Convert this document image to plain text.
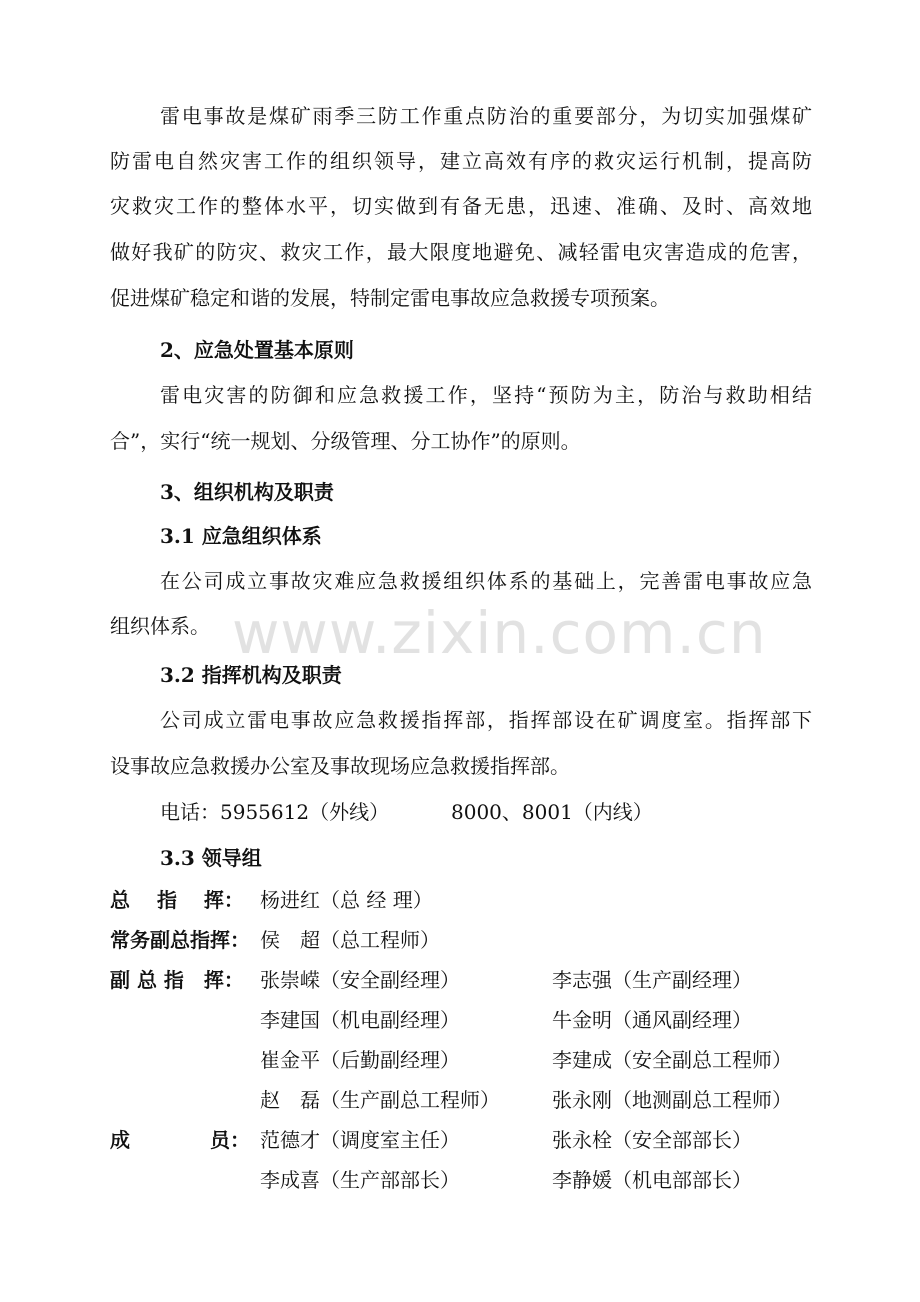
www.zixin.com.cn
雷电事故是煤矿雨季三防工作重点防治的重要部分，为切实加强煤矿
防雷电自然灾害工作的组织领导，建立高效有序的救灾运行机制，提高防
灾救灾工作的整体水平，切实做到有备无患，迅速、准确、及时、高效地
做好我矿的防灾、救灾工作，最大限度地避免、减轻雷电灾害造成的危害，
促进煤矿稳定和谐的发展，特制定雷电事故应急救援专项预案。
2、应急处置基本原则
雷电灾害的防御和应急救援工作，坚持“预防为主，防治与救助相结
合”，实行“统一规划、分级管理、分工协作”的原则。
3、组织机构及职责
3.1 应急组织体系
在公司成立事故灾难应急救援组织体系的基础上，完善雷电事故应急
组织体系。
3.2 指挥机构及职责
公司成立雷电事故应急救援指挥部，指挥部设在矿调度室。指挥部下
设事故应急救援办公室及事故现场应急救援指挥部。
电话：5955612（外线）	8000、8001（内线）
3.3 领导组
总　 指　 挥： 杨进红（总 经 理）
常务副总指挥： 侯　超（总工程师）
副 总 指　挥： 张崇嵘（安全副经理）	李志强（生产副经理）
李建国（机电副经理）	牛金明（通风副经理）
崔金平（后勤副经理）	李建成（安全副总工程师）
赵　磊（生产副总工程师）	张永刚（地测副总工程师）
成　　　　员： 范德才（调度室主任）	张永栓（安全部部长）
李成喜（生产部部长）	李静媛（机电部部长）
